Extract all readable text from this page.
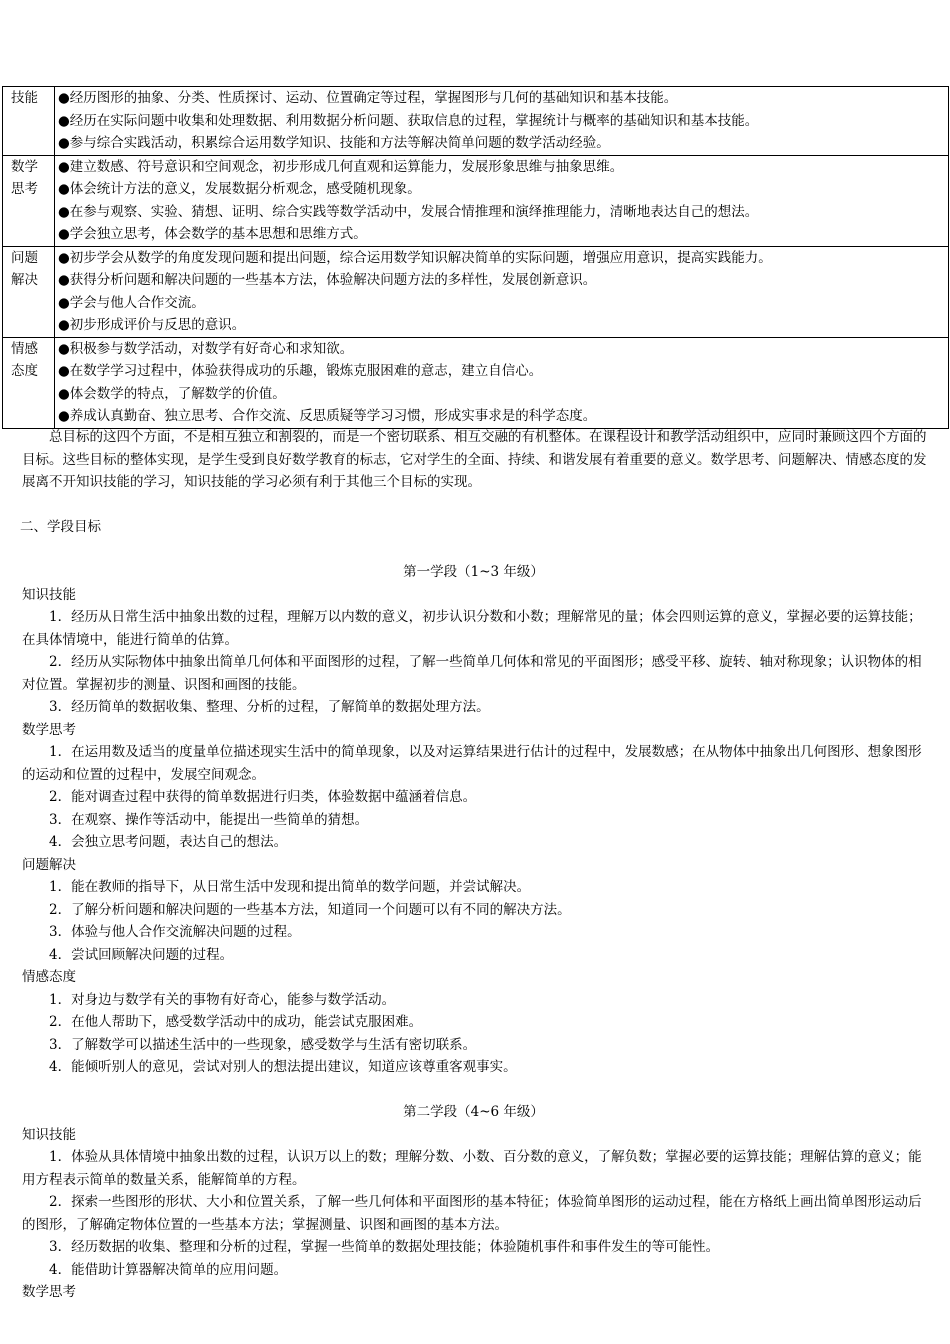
技能	●经历图形的抽象、分类、性质探讨、运动、位置确定等过程，掌握图形与几何的基础知识和基本技能。
●经历在实际问题中收集和处理数据、利用数据分析问题、获取信息的过程，掌握统计与概率的基础知识和基本技能。
●参与综合实践活动，积累综合运用数学知识、技能和方法等解决简单问题的数学活动经验。

数学
思考	●建立数感、符号意识和空间观念，初步形成几何直观和运算能力，发展形象思维与抽象思维。
●体会统计方法的意义，发展数据分析观念，感受随机现象。
●在参与观察、实验、猜想、证明、综合实践等数学活动中，发展合情推理和演绎推理能力，清晰地表达自己的想法。
●学会独立思考，体会数学的基本思想和思维方式。

问题
解决	●初步学会从数学的角度发现问题和提出问题，综合运用数学知识解决简单的实际问题，增强应用意识，提高实践能力。
●获得分析问题和解决问题的一些基本方法，体验解决问题方法的多样性，发展创新意识。
●学会与他人合作交流。
●初步形成评价与反思的意识。

情感
态度	●积极参与数学活动，对数学有好奇心和求知欲。
●在数学学习过程中，体验获得成功的乐趣，锻炼克服困难的意志，建立自信心。
●体会数学的特点，了解数学的价值。
●养成认真勤奋、独立思考、合作交流、反思质疑等学习习惯，形成实事求是的科学态度。

总目标的这四个方面，不是相互独立和割裂的，而是一个密切联系、相互交融的有机整体。在课程设计和教学活动组织中，应同时兼顾这四个方面的目标。这些目标的整体实现，是学生受到良好数学教育的标志，它对学生的全面、持续、和谐发展有着重要的意义。数学思考、问题解决、情感态度的发展离不开知识技能的学习，知识技能的学习必须有利于其他三个目标的实现。

二、学段目标

第一学段（1~3 年级）

知识技能

1．经历从日常生活中抽象出数的过程，理解万以内数的意义，初步认识分数和小数；理解常见的量；体会四则运算的意义，掌握必要的运算技能；在具体情境中，能进行简单的估算。

2．经历从实际物体中抽象出简单几何体和平面图形的过程，了解一些简单几何体和常见的平面图形；感受平移、旋转、轴对称现象；认识物体的相对位置。掌握初步的测量、识图和画图的技能。

3．经历简单的数据收集、整理、分析的过程，了解简单的数据处理方法。

数学思考

1．在运用数及适当的度量单位描述现实生活中的简单现象，以及对运算结果进行估计的过程中，发展数感；在从物体中抽象出几何图形、想象图形的运动和位置的过程中，发展空间观念。

2．能对调查过程中获得的简单数据进行归类，体验数据中蕴涵着信息。

3．在观察、操作等活动中，能提出一些简单的猜想。

4．会独立思考问题，表达自己的想法。

问题解决

1．能在教师的指导下，从日常生活中发现和提出简单的数学问题，并尝试解决。

2．了解分析问题和解决问题的一些基本方法，知道同一个问题可以有不同的解决方法。

3．体验与他人合作交流解决问题的过程。

4．尝试回顾解决问题的过程。

情感态度

1．对身边与数学有关的事物有好奇心，能参与数学活动。

2．在他人帮助下，感受数学活动中的成功，能尝试克服困难。

3．了解数学可以描述生活中的一些现象，感受数学与生活有密切联系。

4．能倾听别人的意见，尝试对别人的想法提出建议，知道应该尊重客观事实。

第二学段（4~6 年级）

知识技能

1．体验从具体情境中抽象出数的过程，认识万以上的数；理解分数、小数、百分数的意义，了解负数；掌握必要的运算技能；理解估算的意义；能用方程表示简单的数量关系，能解简单的方程。

2．探索一些图形的形状、大小和位置关系，了解一些几何体和平面图形的基本特征；体验简单图形的运动过程，能在方格纸上画出简单图形运动后的图形，了解确定物体位置的一些基本方法；掌握测量、识图和画图的基本方法。

3．经历数据的收集、整理和分析的过程，掌握一些简单的数据处理技能；体验随机事件和事件发生的等可能性。

4．能借助计算器解决简单的应用问题。

数学思考
